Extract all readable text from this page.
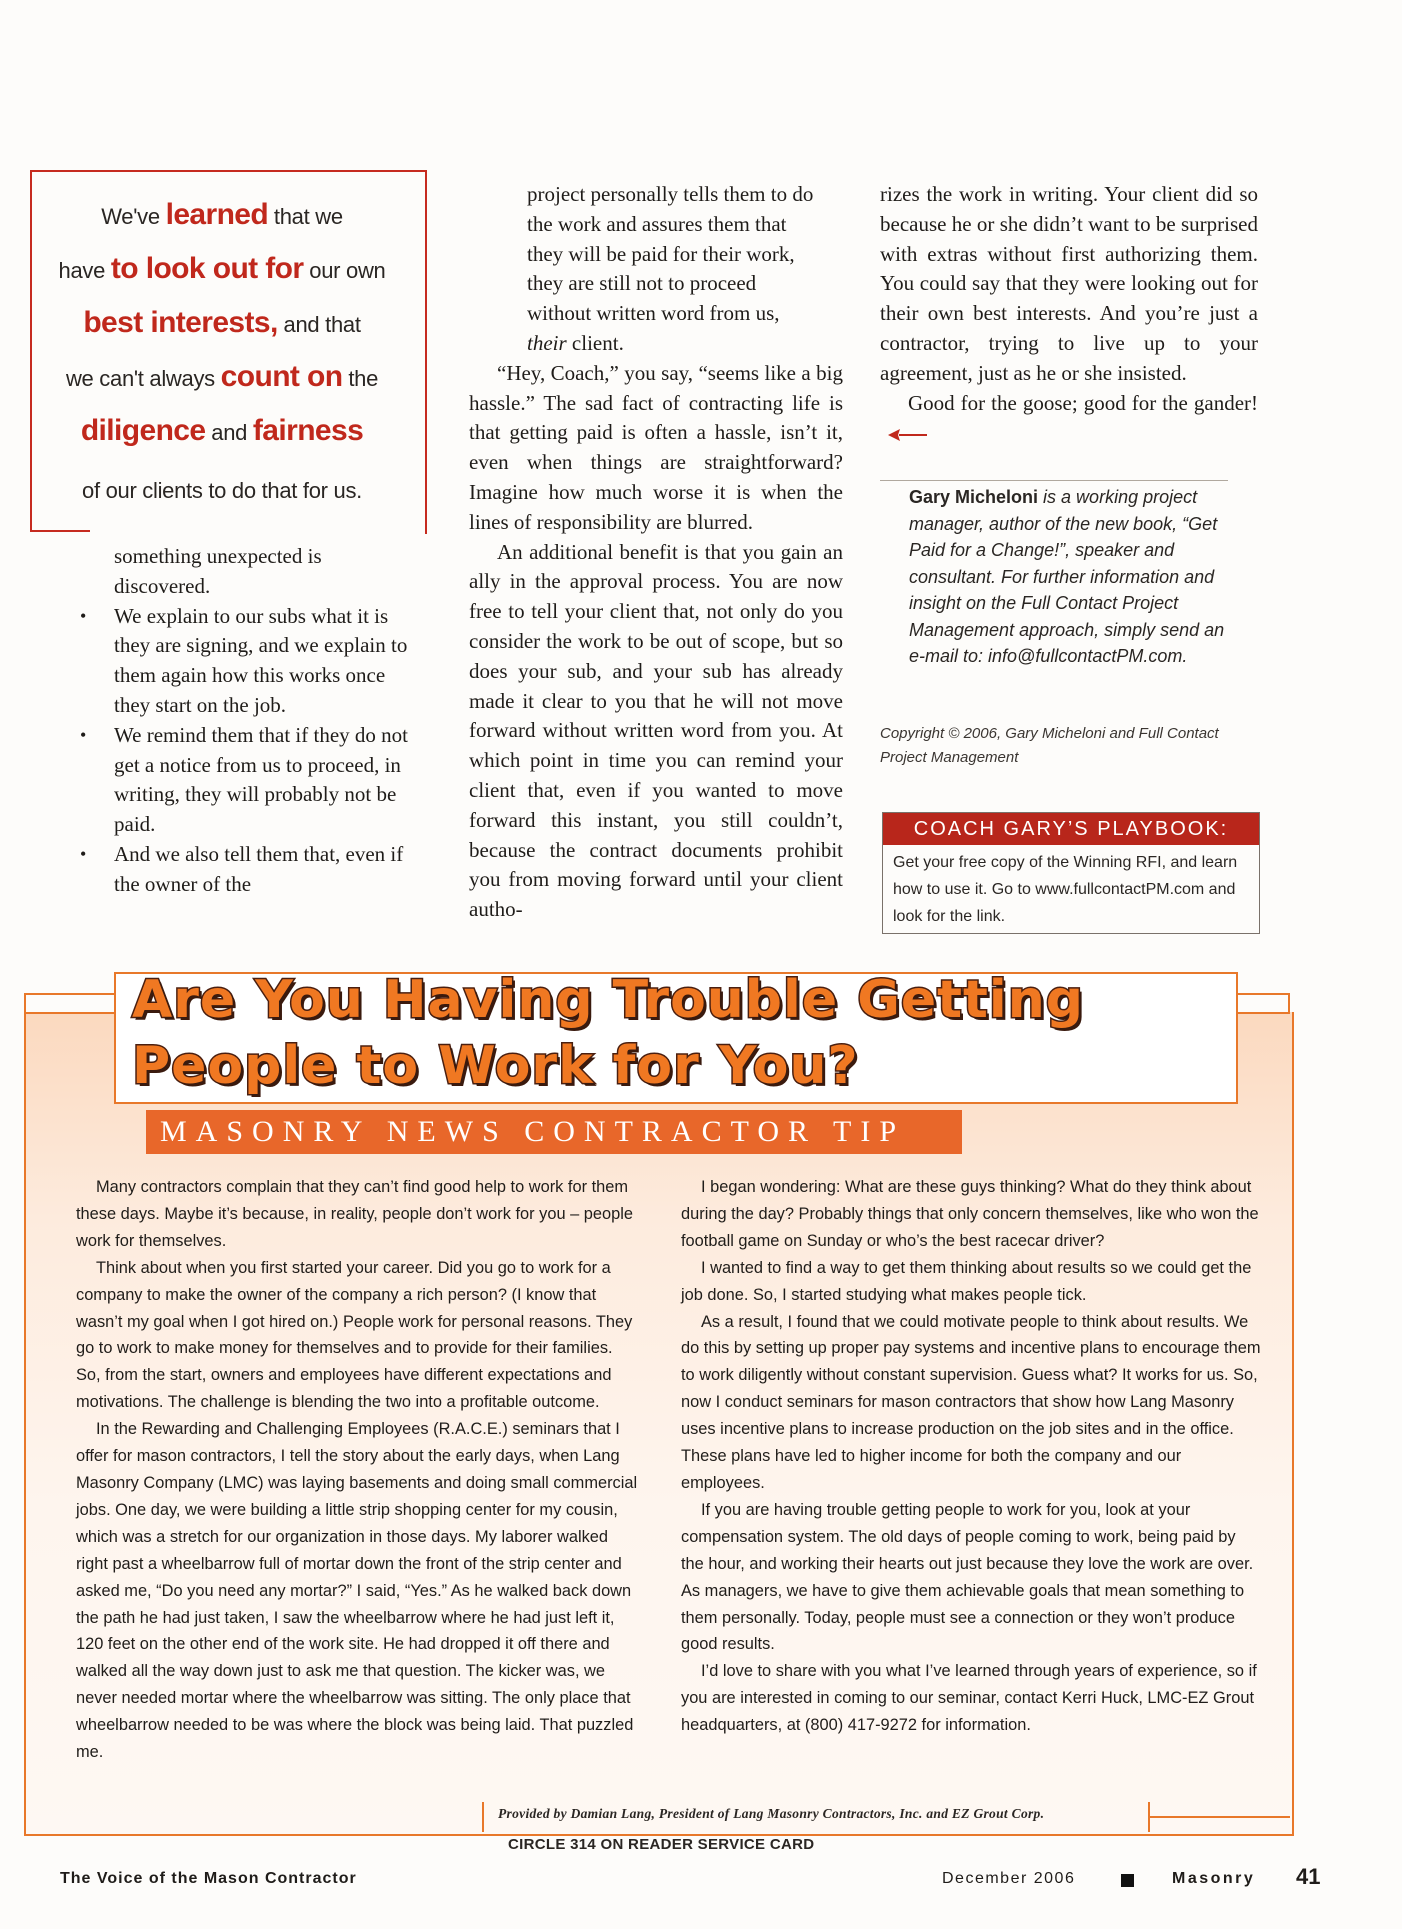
We've learned that we
have to look out for our own
best interests, and that
we can't always count on the
diligence and fairness
of our clients to do that for us.

something unexpected is discovered.

• We explain to our subs what it is they are signing, and we explain to them again how this works once they start on the job.
• We remind them that if they do not get a notice from us to proceed, in writing, they will probably not be paid.
• And we also tell them that, even if the owner of the

project personally tells them to do the work and assures them that they will be paid for their work, they are still not to proceed without written word from us, their client.

“Hey, Coach,” you say, “seems like a big hassle.” The sad fact of contracting life is that getting paid is often a hassle, isn’t it, even when things are straightforward? Imagine how much worse it is when the lines of responsibility are blurred.

An additional benefit is that you gain an ally in the approval process. You are now free to tell your client that, not only do you consider the work to be out of scope, but so does your sub, and your sub has already made it clear to you that he will not move forward without written word from you. At which point in time you can remind your client that, even if you wanted to move forward this instant, you still couldn’t, because the contract documents prohibit you from moving forward until your client autho-

rizes the work in writing. Your client did so because he or she didn’t want to be surprised with extras without first authorizing them. You could say that they were looking out for their own best interests. And you’re just a contractor, trying to live up to your agreement, just as he or she insisted.

Good for the goose; good for the gander!

Gary Micheloni is a working project manager, author of the new book, “Get Paid for a Change!”, speaker and consultant. For further information and insight on the Full Contact Project Management approach, simply send an e-mail to: info@fullcontactPM.com.
Copyright © 2006, Gary Micheloni and Full Contact Project Management
COACH GARY’S PLAYBOOK:
Get your free copy of the Winning RFI, and learn how to use it. Go to www.fullcontactPM.com and look for the link.
Are You Having Trouble Getting
People to Work for You?
MASONRY NEWS CONTRACTOR TIP

Many contractors complain that they can’t find good help to work for them these days. Maybe it’s because, in reality, people don’t work for you – people work for themselves.

Think about when you first started your career. Did you go to work for a company to make the owner of the company a rich person? (I know that wasn’t my goal when I got hired on.) People work for personal reasons. They go to work to make money for themselves and to provide for their families. So, from the start, owners and employees have different expectations and motivations. The challenge is blending the two into a profitable outcome.

In the Rewarding and Challenging Employees (R.A.C.E.) seminars that I offer for mason contractors, I tell the story about the early days, when Lang Masonry Company (LMC) was laying basements and doing small commercial jobs. One day, we were building a little strip shopping center for my cousin, which was a stretch for our organization in those days. My laborer walked right past a wheelbarrow full of mortar down the front of the strip center and asked me, “Do you need any mortar?” I said, “Yes.” As he walked back down the path he had just taken, I saw the wheelbarrow where he had just left it, 120 feet on the other end of the work site. He had dropped it off there and walked all the way down just to ask me that question. The kicker was, we never needed mortar where the wheelbarrow was sitting. The only place that wheelbarrow needed to be was where the block was being laid. That puzzled me.

I began wondering: What are these guys thinking? What do they think about during the day? Probably things that only concern themselves, like who won the football game on Sunday or who’s the best racecar driver?

I wanted to find a way to get them thinking about results so we could get the job done. So, I started studying what makes people tick.

As a result, I found that we could motivate people to think about results. We do this by setting up proper pay systems and incentive plans to encourage them to work diligently without constant supervision. Guess what? It works for us. So, now I conduct seminars for mason contractors that show how Lang Masonry uses incentive plans to increase production on the job sites and in the office. These plans have led to higher income for both the company and our employees.

If you are having trouble getting people to work for you, look at your compensation system. The old days of people coming to work, being paid by the hour, and working their hearts out just because they love the work are over. As managers, we have to give them achievable goals that mean something to them personally. Today, people must see a connection or they won’t produce good results.

I’d love to share with you what I’ve learned through years of experience, so if you are interested in coming to our seminar, contact Kerri Huck, LMC-EZ Grout headquarters, at (800) 417-9272 for information.

Provided by Damian Lang, President of Lang Masonry Contractors, Inc. and EZ Grout Corp.
CIRCLE 314 ON READER SERVICE CARD
The Voice of the Mason Contractor	December 2006	Masonry 41
